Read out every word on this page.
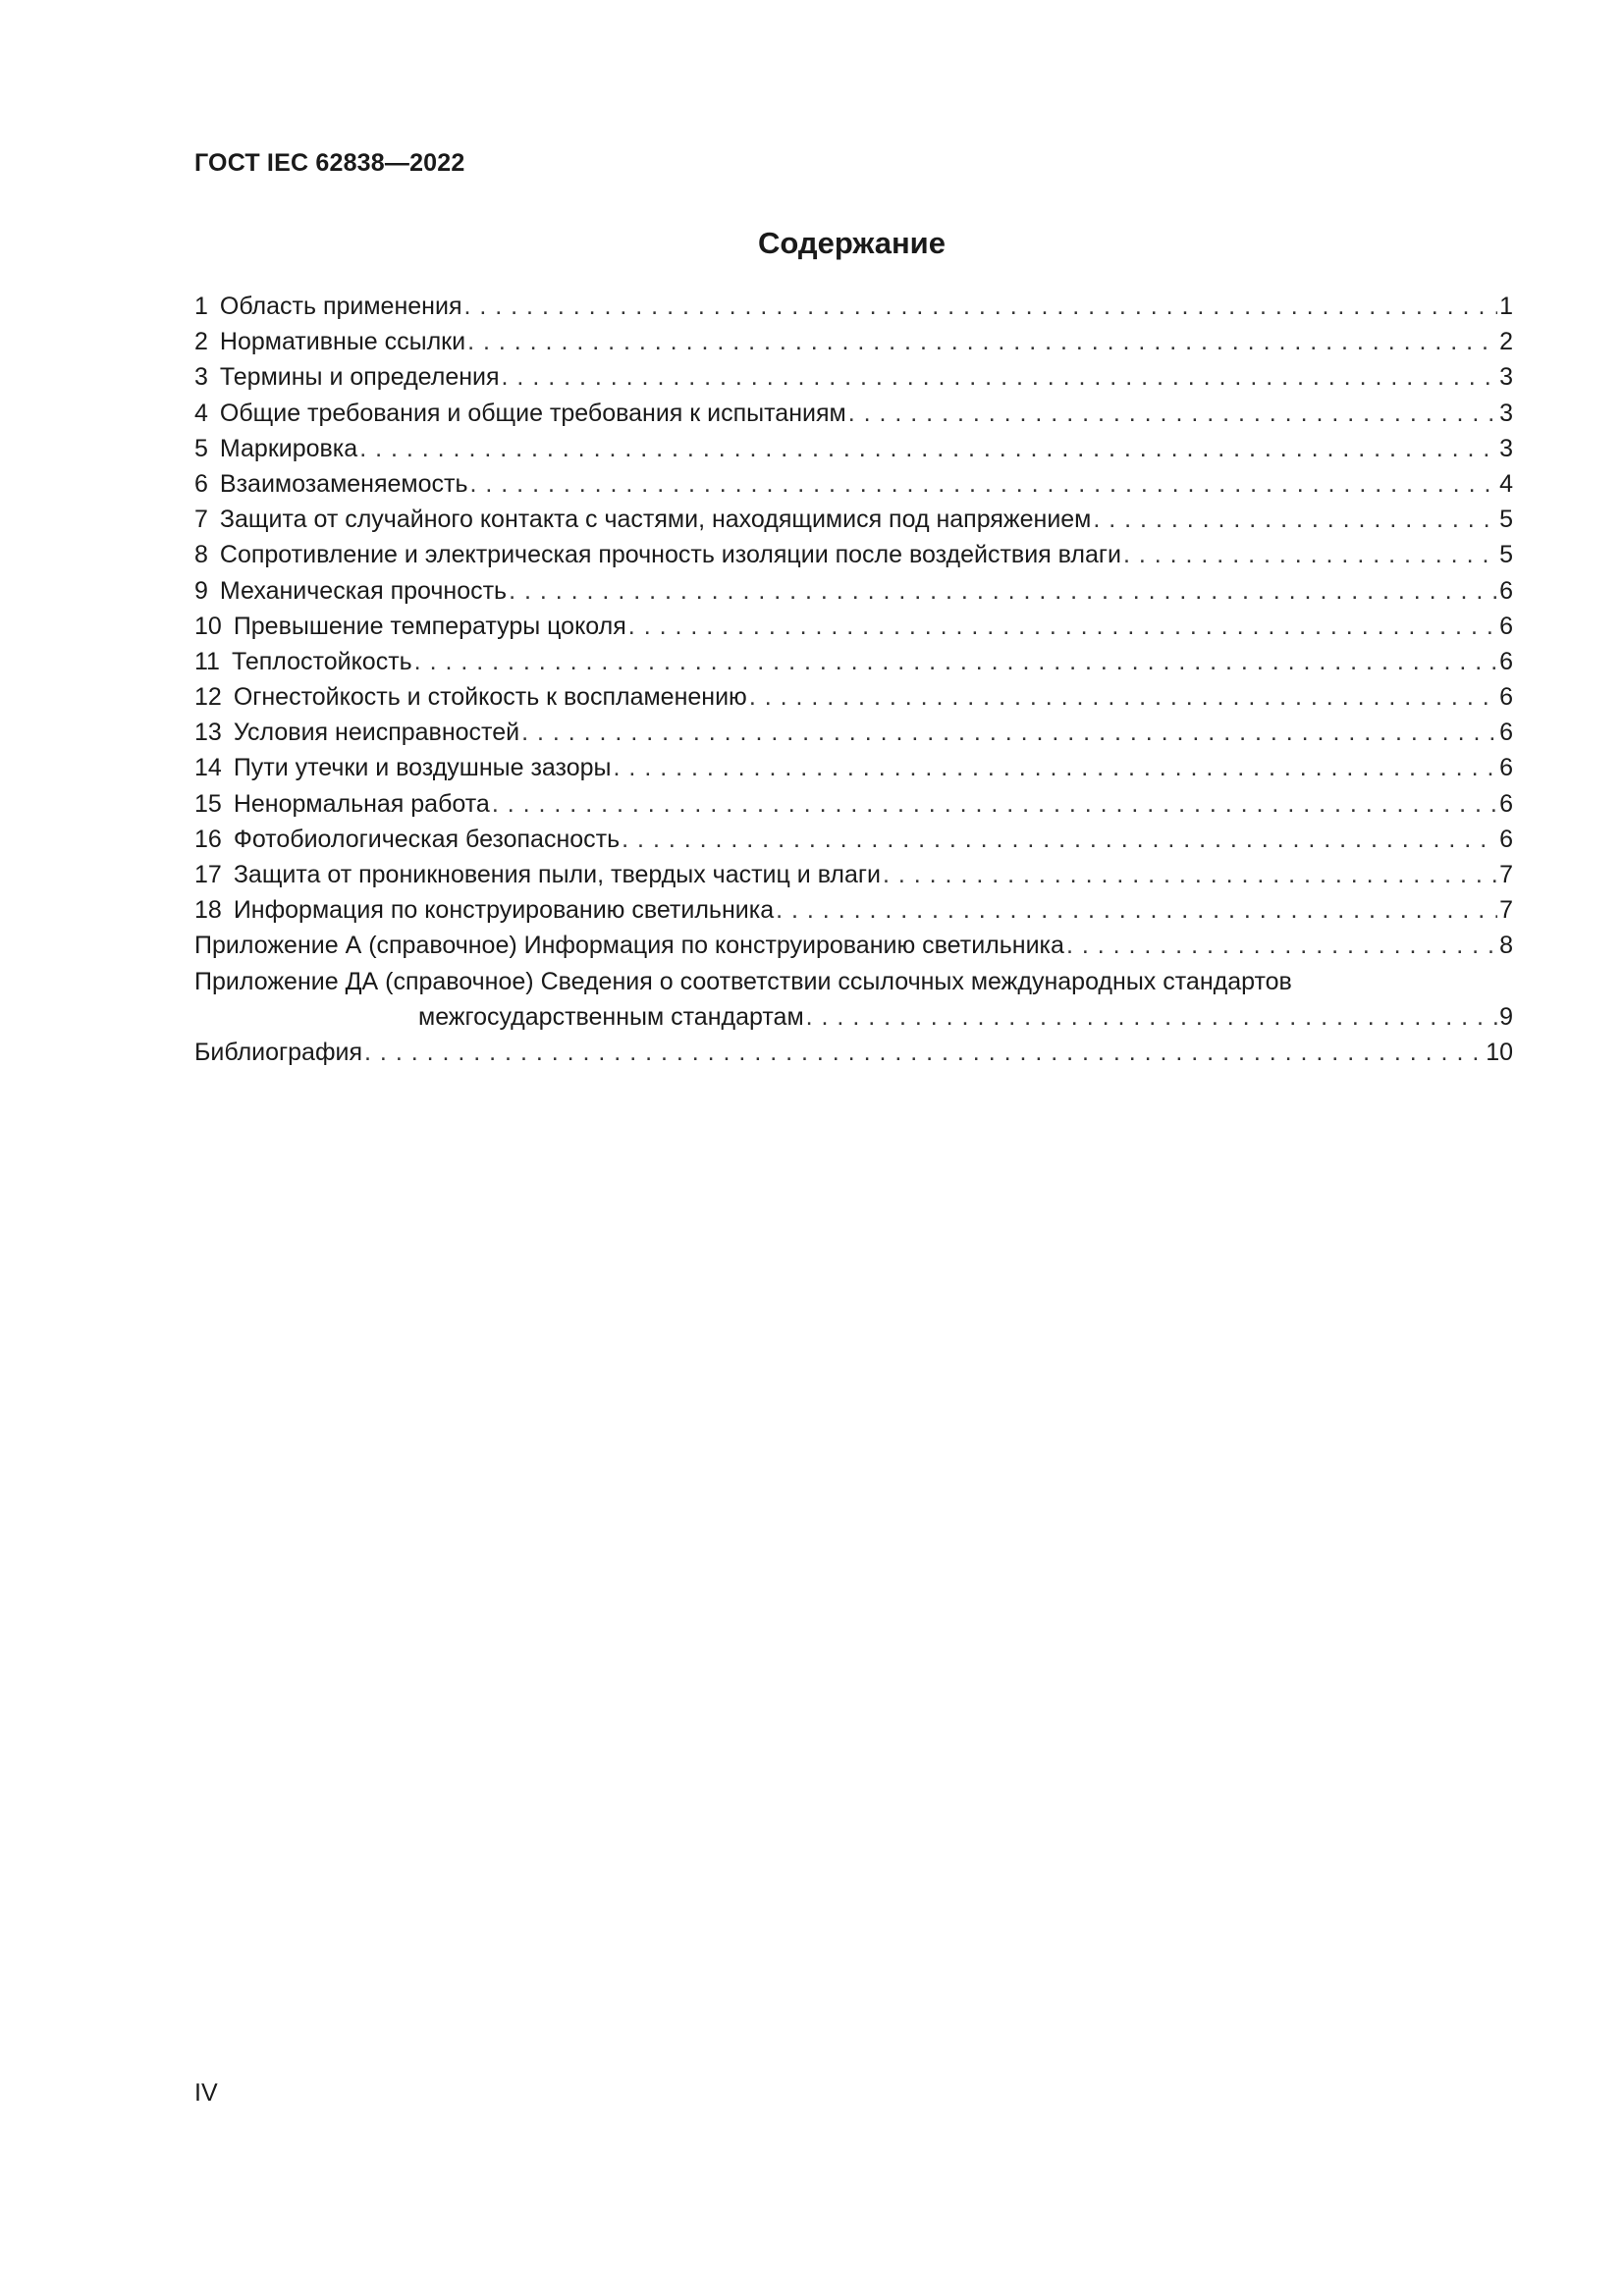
ГОСТ IEC 62838—2022
Содержание
1 Область применения . . .	1
2 Нормативные ссылки . . .	2
3 Термины и определения . . .	3
4 Общие требования и общие требования к испытаниям . . .	3
5 Маркировка . . .	3
6 Взаимозаменяемость . . .	4
7 Защита от случайного контакта с частями, находящимися под напряжением . . .	5
8 Сопротивление и электрическая прочность изоляции после воздействия влаги . . .	5
9 Механическая прочность . . .	6
10 Превышение температуры цоколя . . .	6
11 Теплостойкость . . .	6
12 Огнестойкость и стойкость к воспламенению . . .	6
13 Условия неисправностей . . .	6
14 Пути утечки и воздушные зазоры . . .	6
15 Ненормальная работа . . .	6
16 Фотобиологическая безопасность . . .	6
17 Защита от проникновения пыли, твердых частиц и влаги . . .	7
18 Информация по конструированию светильника . . .	7
Приложение А (справочное) Информация по конструированию светильника . . .	8
Приложение ДА (справочное) Сведения о соответствии ссылочных международных стандартов
межгосударственным стандартам . . .	9
Библиография . . .	10
IV
